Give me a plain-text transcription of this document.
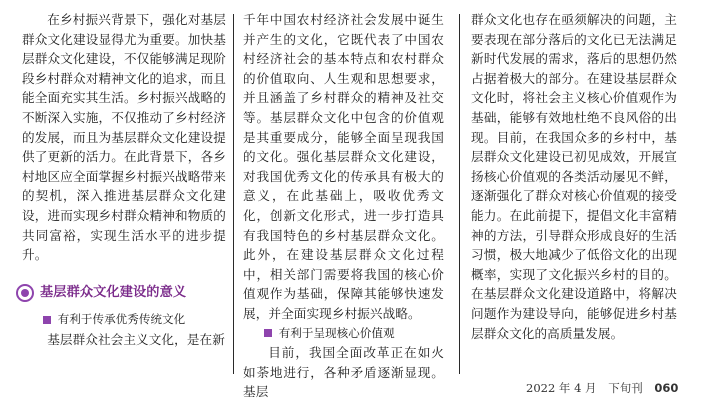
在乡村振兴背景下，强化对基层群众文化建设显得尤为重要。加快基层群众文化建设，不仅能够满足现阶段乡村群众对精神文化的追求，而且能全面充实其生活。乡村振兴战略的不断深入实施，不仅推动了乡村经济的发展，而且为基层群众文化建设提供了更新的活力。在此背景下，各乡村地区应全面掌握乡村振兴战略带来的契机，深入推进基层群众文化建设，进而实现乡村群众精神和物质的共同富裕，实现生活水平的进步提升。

基层群众文化建设的意义
有利于传承优秀传统文化

基层群众社会主义文化，是在新

千年中国农村经济社会发展中诞生并产生的文化，它既代表了中国农村经济社会的基本特点和农村群众的价值取向、人生观和思想要求，并且涵盖了乡村群众的精神及社交等。基层群众文化中包含的价值观是其重要成分，能够全面呈现我国的文化。强化基层群众文化建设，对我国优秀文化的传承具有极大的意义，在此基础上，吸收优秀文化，创新文化形式，进一步打造具有我国特色的乡村基层群众文化。此外，在建设基层群众文化过程中，相关部门需要将我国的核心价值观作为基础，保障其能够快速发展，并全面实现乡村振兴战略。

有利于呈现核心价值观

目前，我国全面改革正在如火如荼地进行，各种矛盾逐渐显现。基层

群众文化也存在亟须解决的问题，主要表现在部分落后的文化已无法满足新时代发展的需求，落后的思想仍然占据着极大的部分。在建设基层群众文化时，将社会主义核心价值观作为基础，能够有效地杜绝不良风俗的出现。目前，在我国众多的乡村中，基层群众文化建设已初见成效，开展宣扬核心价值观的各类活动屡见不鲜，逐渐强化了群众对核心价值观的接受能力。在此前提下，提倡文化丰富精神的方法，引导群众形成良好的生活习惯，极大地减少了低俗文化的出现概率，实现了文化振兴乡村的目的。在基层群众文化建设道路中，将解决问题作为建设导向，能够促进乡村基层群众文化的高质量发展。

2022 年 4 月 下旬刊 060
